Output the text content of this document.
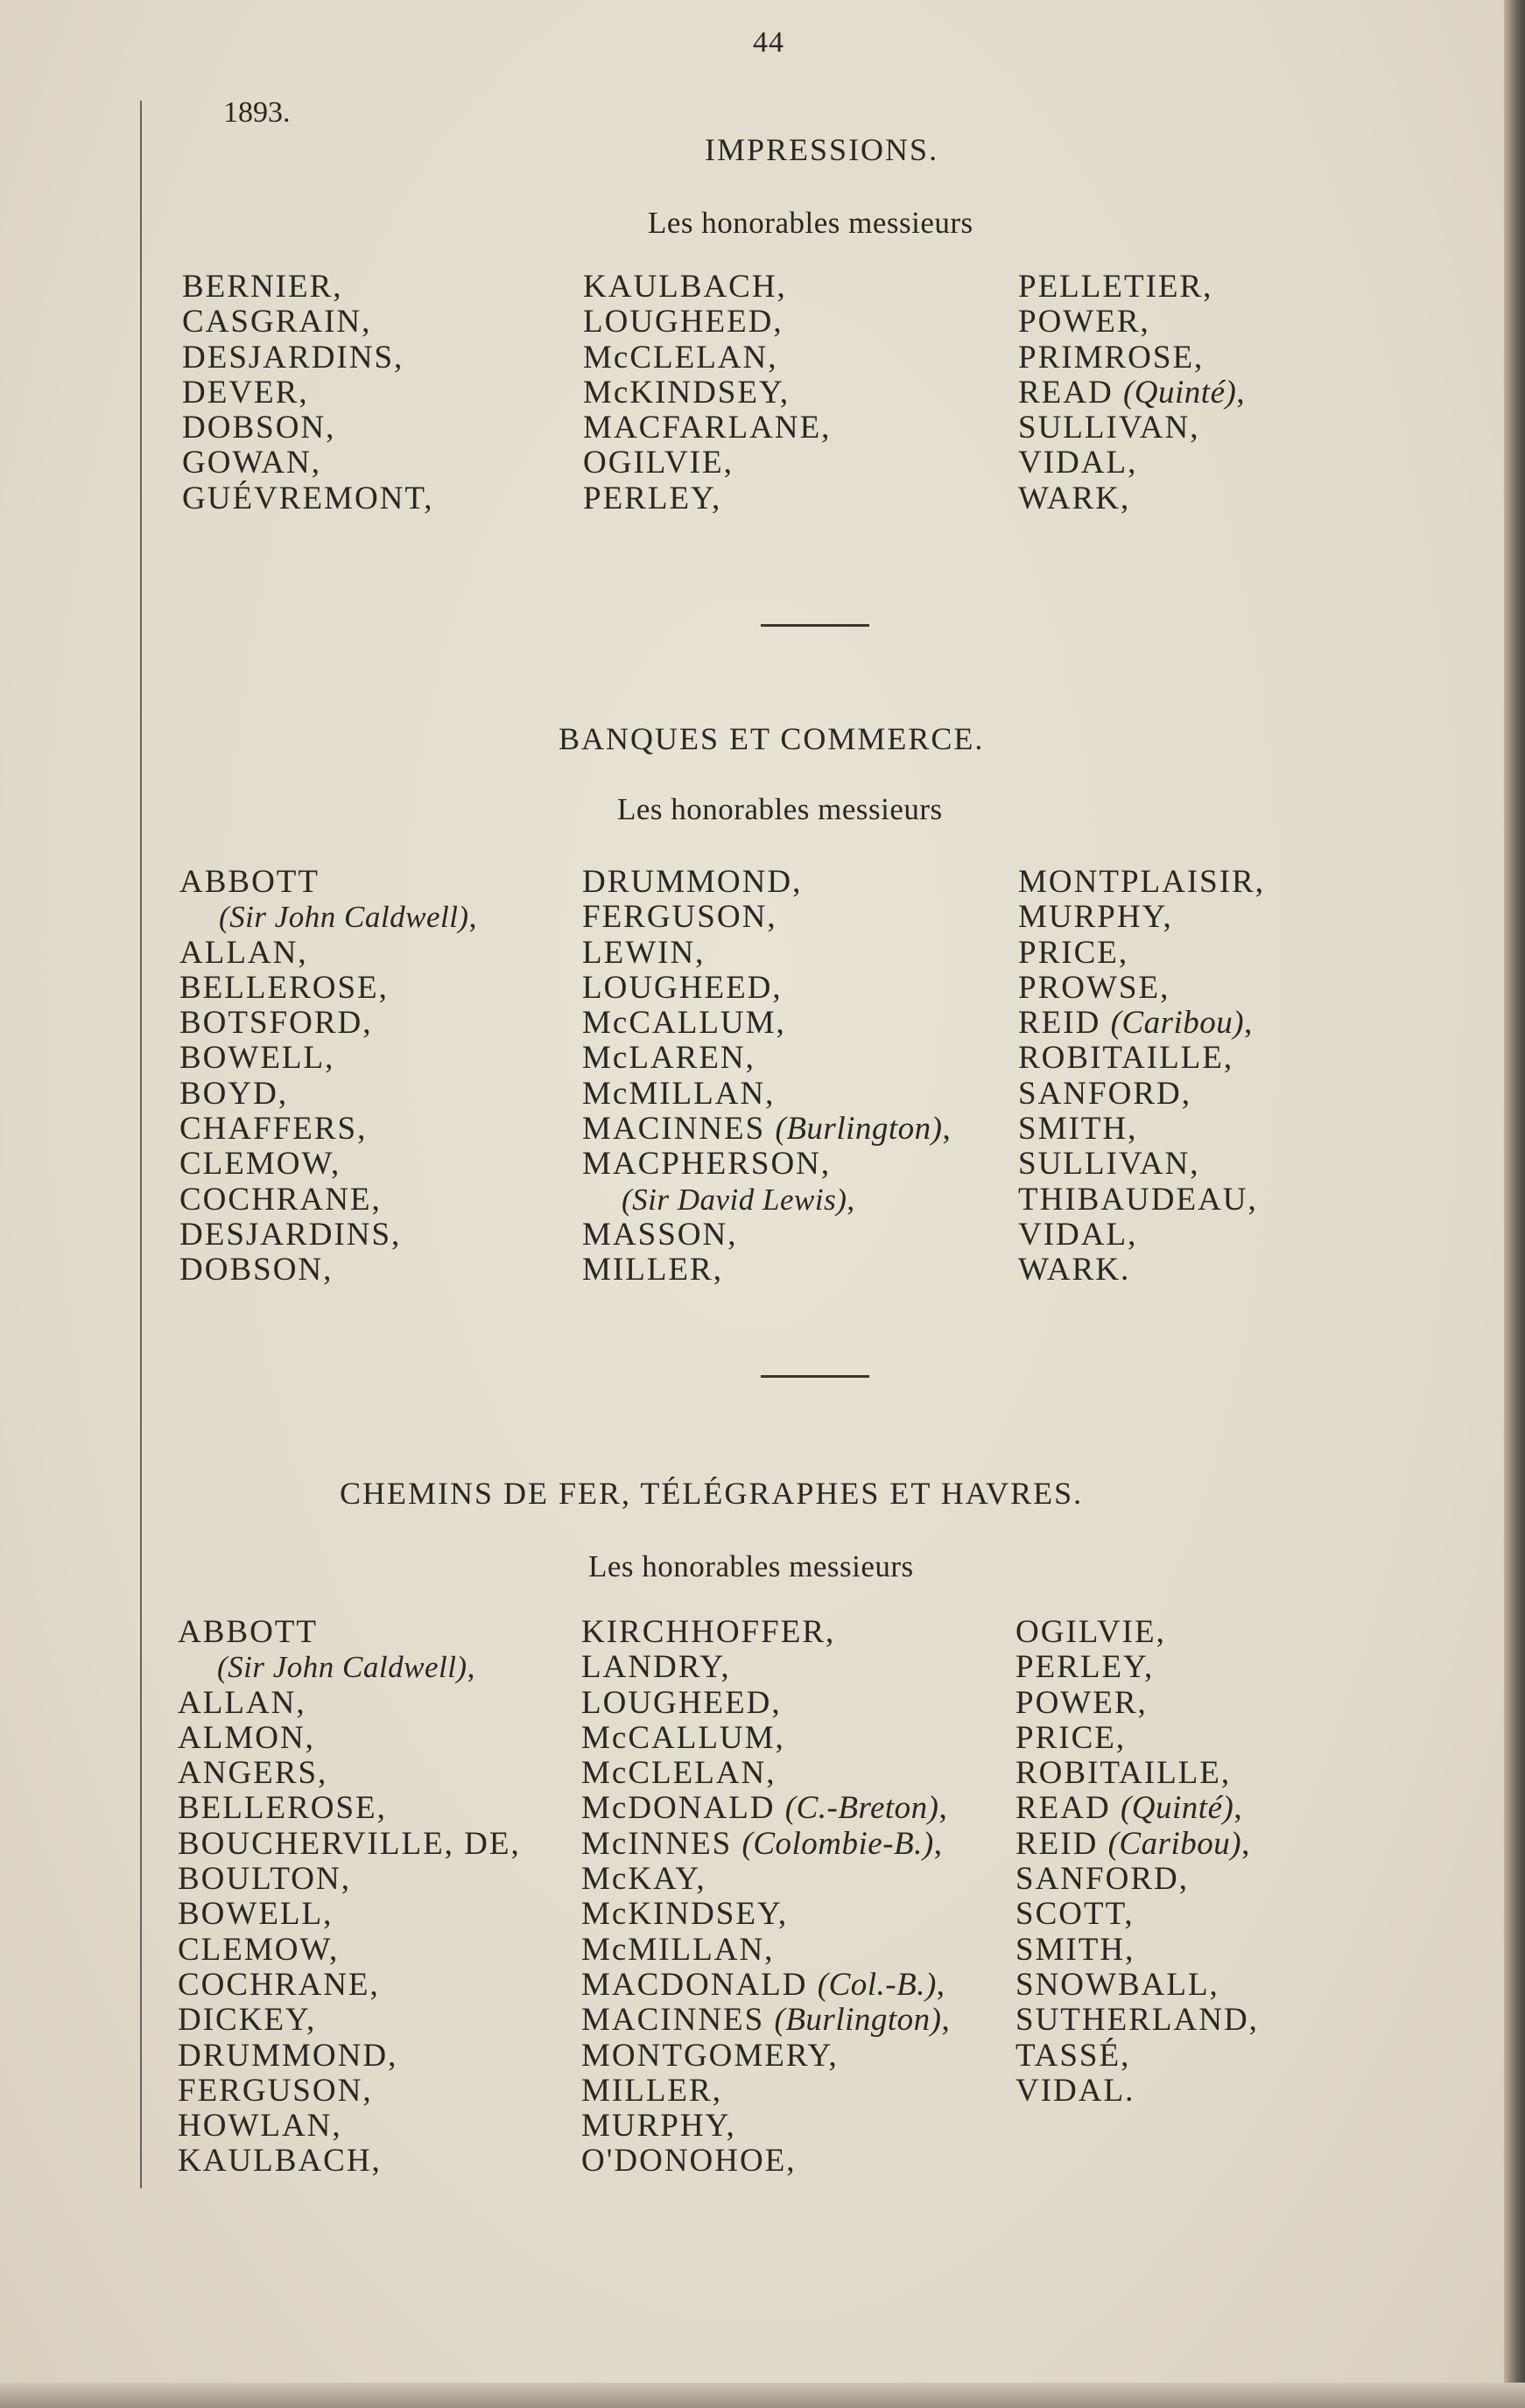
44
1893.
IMPRESSIONS.
Les honorables messieurs
BERNIER,
CASGRAIN,
DESJARDINS,
DEVER,
DOBSON,
GOWAN,
GUÉVREMONT,
KAULBACH,
LOUGHEED,
McCLELAN,
McKINDSEY,
MACFARLANE,
OGILVIE,
PERLEY,
PELLETIER,
POWER,
PRIMROSE,
READ (Quinté),
SULLIVAN,
VIDAL,
WARK,
BANQUES ET COMMERCE.
Les honorables messieurs
ABBOTT
(Sir John Caldwell),
ALLAN,
BELLEROSE,
BOTSFORD,
BOWELL,
BOYD,
CHAFFERS,
CLEMOW,
COCHRANE,
DESJARDINS,
DOBSON,
DRUMMOND,
FERGUSON,
LEWIN,
LOUGHEED,
McCALLUM,
McLAREN,
McMILLAN,
MACINNES (Burlington),
MACPHERSON,
(Sir David Lewis),
MASSON,
MILLER,
MONTPLAISIR,
MURPHY,
PRICE,
PROWSE,
REID (Caribou),
ROBITAILLE,
SANFORD,
SMITH,
SULLIVAN,
THIBAUDEAU,
VIDAL,
WARK.
CHEMINS DE FER, TÉLÉGRAPHES ET HAVRES.
Les honorables messieurs
ABBOTT
(Sir John Caldwell),
ALLAN,
ALMON,
ANGERS,
BELLEROSE,
BOUCHERVILLE, DE,
BOULTON,
BOWELL,
CLEMOW,
COCHRANE,
DICKEY,
DRUMMOND,
FERGUSON,
HOWLAN,
KAULBACH,
KIRCHHOFFER,
LANDRY,
LOUGHEED,
McCALLUM,
McCLELAN,
McDONALD (C.-Breton),
McINNES (Colombie-B.),
McKAY,
McKINDSEY,
McMILLAN,
MACDONALD (Col.-B.),
MACINNES (Burlington),
MONTGOMERY,
MILLER,
MURPHY,
O'DONOHOE,
OGILVIE,
PERLEY,
POWER,
PRICE,
ROBITAILLE,
READ (Quinté),
REID (Caribou),
SANFORD,
SCOTT,
SMITH,
SNOWBALL,
SUTHERLAND,
TASSÉ,
VIDAL.
